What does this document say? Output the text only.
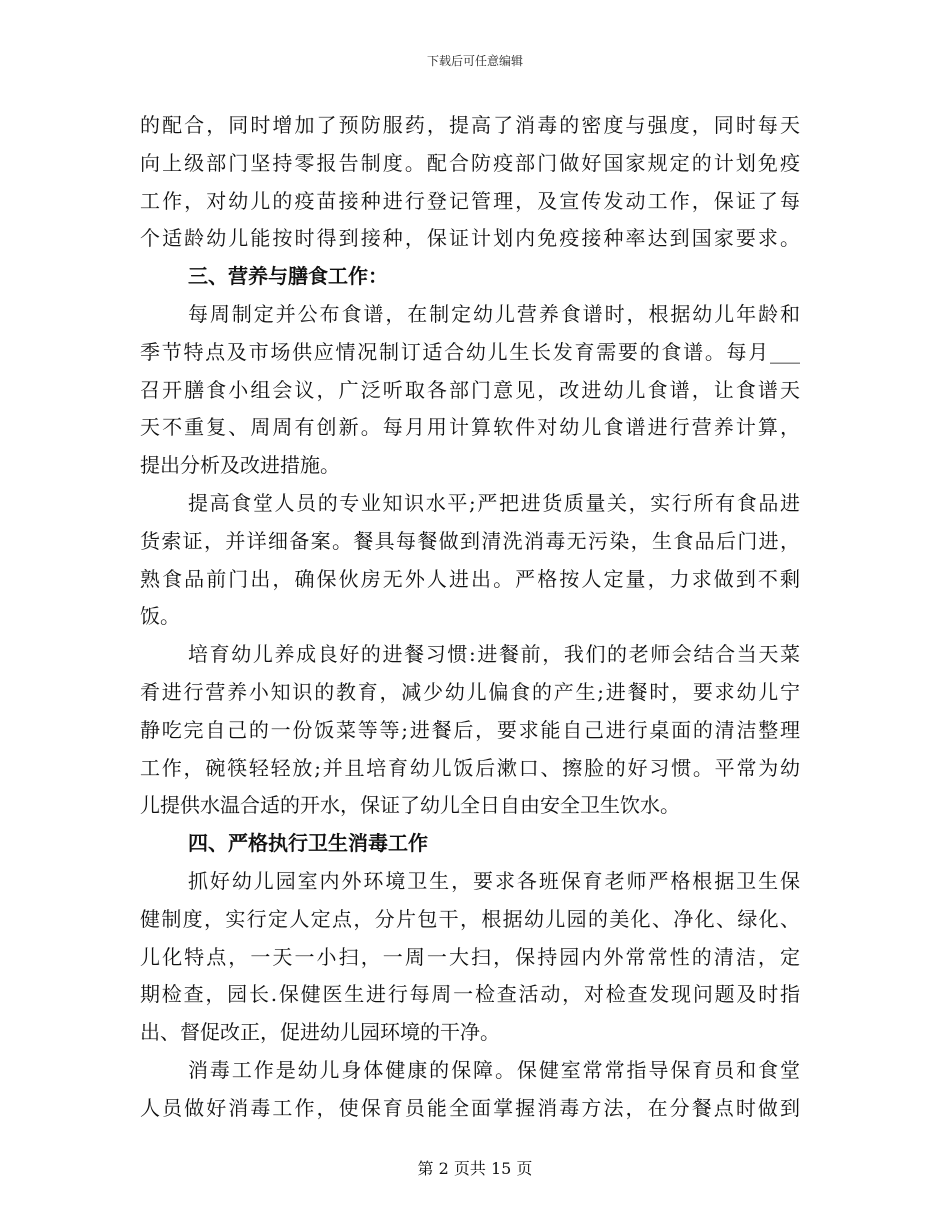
下载后可任意编辑
的配合，同时增加了预防服药，提高了消毒的密度与强度，同时每天
向上级部门坚持零报告制度。配合防疫部门做好国家规定的计划免疫
工作，对幼儿的疫苗接种进行登记管理，及宣传发动工作，保证了每
个适龄幼儿能按时得到接种，保证计划内免疫接种率达到国家要求。
三、营养与膳食工作：
每周制定并公布食谱，在制定幼儿营养食谱时，根据幼儿年龄和
季节特点及市场供应情况制订适合幼儿生长发育需要的食谱。每月___
召开膳食小组会议，广泛听取各部门意见，改进幼儿食谱，让食谱天
天不重复、周周有创新。每月用计算软件对幼儿食谱进行营养计算，
提出分析及改进措施。
提高食堂人员的专业知识水平;严把进货质量关，实行所有食品进
货索证，并详细备案。餐具每餐做到清洗消毒无污染，生食品后门进，
熟食品前门出，确保伙房无外人进出。严格按人定量，力求做到不剩
饭。
培育幼儿养成良好的进餐习惯:进餐前，我们的老师会结合当天菜
肴进行营养小知识的教育，减少幼儿偏食的产生;进餐时，要求幼儿宁
静吃完自己的一份饭菜等等;进餐后，要求能自己进行桌面的清洁整理
工作，碗筷轻轻放;并且培育幼儿饭后漱口、擦脸的好习惯。平常为幼
儿提供水温合适的开水，保证了幼儿全日自由安全卫生饮水。
四、严格执行卫生消毒工作
抓好幼儿园室内外环境卫生，要求各班保育老师严格根据卫生保
健制度，实行定人定点，分片包干，根据幼儿园的美化、净化、绿化、
儿化特点，一天一小扫，一周一大扫，保持园内外常常性的清洁，定
期检查，园长.保健医生进行每周一检查活动，对检查发现问题及时指
出、督促改正，促进幼儿园环境的干净。
消毒工作是幼儿身体健康的保障。保健室常常指导保育员和食堂
人员做好消毒工作，使保育员能全面掌握消毒方法，在分餐点时做到
第 2 页共 15 页
